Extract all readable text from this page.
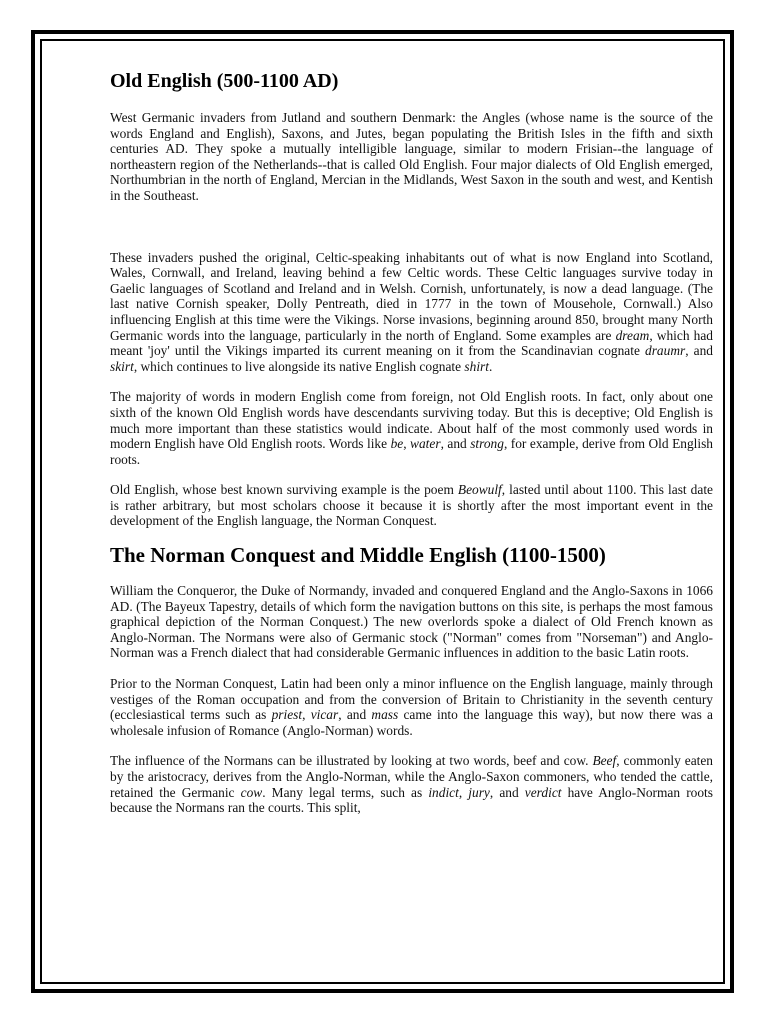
Old English (500-1100 AD)

West Germanic invaders from Jutland and southern Denmark: the Angles (whose name is the source of the words England and English), Saxons, and Jutes, began populating the British Isles in the fifth and sixth centuries AD. They spoke a mutually intelligible language, similar to modern Frisian--the language of northeastern region of the Netherlands--that is called Old English. Four major dialects of Old English emerged, Northumbrian in the north of England, Mercian in the Midlands, West Saxon in the south and west, and Kentish in the Southeast.

These invaders pushed the original, Celtic-speaking inhabitants out of what is now England into Scotland, Wales, Cornwall, and Ireland, leaving behind a few Celtic words. These Celtic languages survive today in Gaelic languages of Scotland and Ireland and in Welsh. Cornish, unfortunately, is now a dead language. (The last native Cornish speaker, Dolly Pentreath, died in 1777 in the town of Mousehole, Cornwall.) Also influencing English at this time were the Vikings. Norse invasions, beginning around 850, brought many North Germanic words into the language, particularly in the north of England. Some examples are dream, which had meant 'joy' until the Vikings imparted its current meaning on it from the Scandinavian cognate draumr, and skirt, which continues to live alongside its native English cognate shirt.

The majority of words in modern English come from foreign, not Old English roots. In fact, only about one sixth of the known Old English words have descendants surviving today. But this is deceptive; Old English is much more important than these statistics would indicate. About half of the most commonly used words in modern English have Old English roots. Words like be, water, and strong, for example, derive from Old English roots.

Old English, whose best known surviving example is the poem Beowulf, lasted until about 1100. This last date is rather arbitrary, but most scholars choose it because it is shortly after the most important event in the development of the English language, the Norman Conquest.

The Norman Conquest and Middle English (1100-1500)

William the Conqueror, the Duke of Normandy, invaded and conquered England and the Anglo-Saxons in 1066 AD. (The Bayeux Tapestry, details of which form the navigation buttons on this site, is perhaps the most famous graphical depiction of the Norman Conquest.) The new overlords spoke a dialect of Old French known as Anglo-Norman. The Normans were also of Germanic stock ("Norman" comes from "Norseman") and Anglo-Norman was a French dialect that had considerable Germanic influences in addition to the basic Latin roots.

Prior to the Norman Conquest, Latin had been only a minor influence on the English language, mainly through vestiges of the Roman occupation and from the conversion of Britain to Christianity in the seventh century (ecclesiastical terms such as priest, vicar, and mass came into the language this way), but now there was a wholesale infusion of Romance (Anglo-Norman) words.

The influence of the Normans can be illustrated by looking at two words, beef and cow. Beef, commonly eaten by the aristocracy, derives from the Anglo-Norman, while the Anglo-Saxon commoners, who tended the cattle, retained the Germanic cow. Many legal terms, such as indict, jury, and verdict have Anglo-Norman roots because the Normans ran the courts. This split,
